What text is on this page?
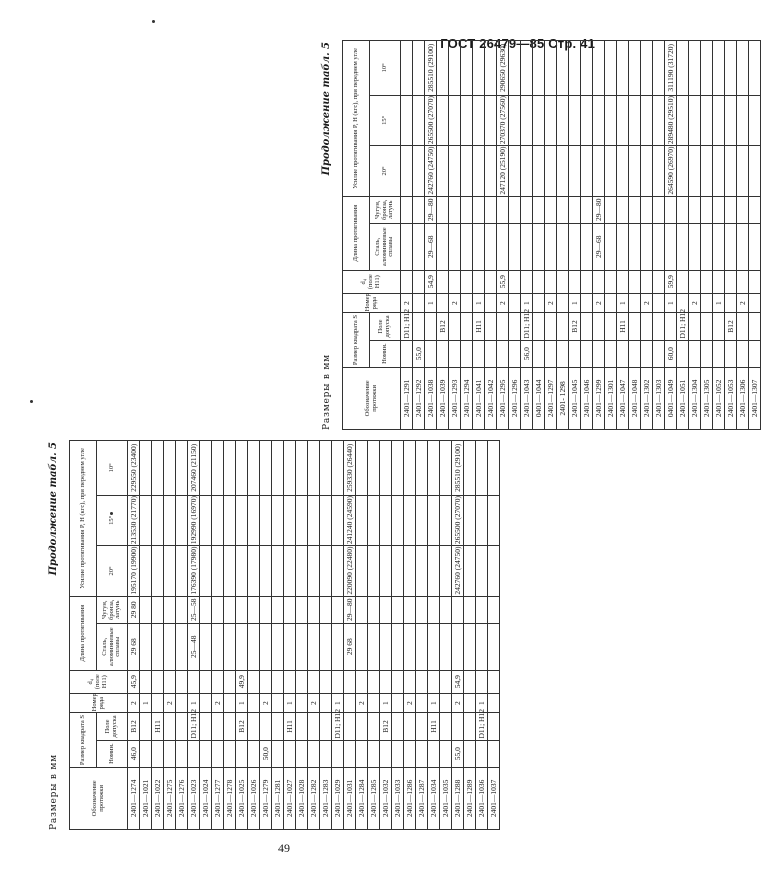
ГОСТ 26479—85 Стр. 41
Размеры в мм
Продолжение табл. 5
Обозначение протяжки	Размер квадрата S		Номер ряда	d₄ (поле H11)	Длина протягивания		Усилие протягивания P, Н (кгс), при переднем угле		
	Номин.	Поле допуска			Сталь, алюминиевые сплавы	Чугун, бронза, латунь	20°	15°	10°
2401—1274	46,0	B12	2	45,9	29 68	29 80	195170 (19900)	213530 (21770)	229550 (23400)
2401—1021			1						
2401—1022		H11							
2401—1275			2						
2401—1276									
2401—1023		D11; H12	1		25—48	25—58	176390 (17980)	192990 (16970)	207460 (21150)
2401—1024									
2401—1277			2						
2401—1278									
2401—1025		B12	1	49,9					
2401—1026									
2401—1279	50,0		2						
2401—1281									
2401—1027		H11	1						
2401—1028									
2401—1282			2						
2401—1283									
2401—1029		D11; H12	1						
2401—1031					29 68	29—80	220090 (22480)	241240 (24590)	259330 (26440)
2401—1284			2						
2401—1285									
2401—1032		B12	1						
2401—1033									
2401—1286			2						
2401—1287									
2401—1034		H11	1						
2401—1035									
2401—1288	55,0		2	54,9			242760 (24750)	265500 (27070)	285510 (29100)
2401—1289									
2401—1036		D11; H12	1						
2401—1037									
Размеры в мм
Продолжение табл. 5
Обозначение протяжки	Размер квадрата S		Номер ряда	d₄ (поле H11)	Длина протягивания		Усилие протягивания P, Н (кгс), при переднем угле		
	Номин.	Поле допуска			Сталь, алюминиевые сплавы	Чугун, бронза, латунь	20°	15°	10°
2401—1291		D11; H12	2						
2401—1292	55,0								
2401—1038			1	54,9	29—68	29—80	242760 (24750)	265500 (27070)	285510 (29100)
2401—1039		B12							
2401—1293			2						
2401—1294									
2401—1041		H11	1						
2401—1042									
2401—1295			2	55,9			247120 (25190)	270370 (27560)	290650 (29630)
2401—1296									
2401—1043	56,0	D11; H12	1						
0401—1044									
2401—1297			2						
2401- 1298									
2401—1045		B12	1						
2401—1046									
2401—1299			2		29—68	29—80			
2401—1301									
2401—1047		H11	1						
2401—1048									
2401—1302			2						
2401—1303									
0401—1049	60,0		1	59,9			264590 (26970)	289480 (29510)	311190 (31720)
2401—1051		D11; H12							
2401—1304			2						
2401—1305									
2401—1052			1						
2401—1053		B12							
2401—1306			2						
2401—1307									
49
